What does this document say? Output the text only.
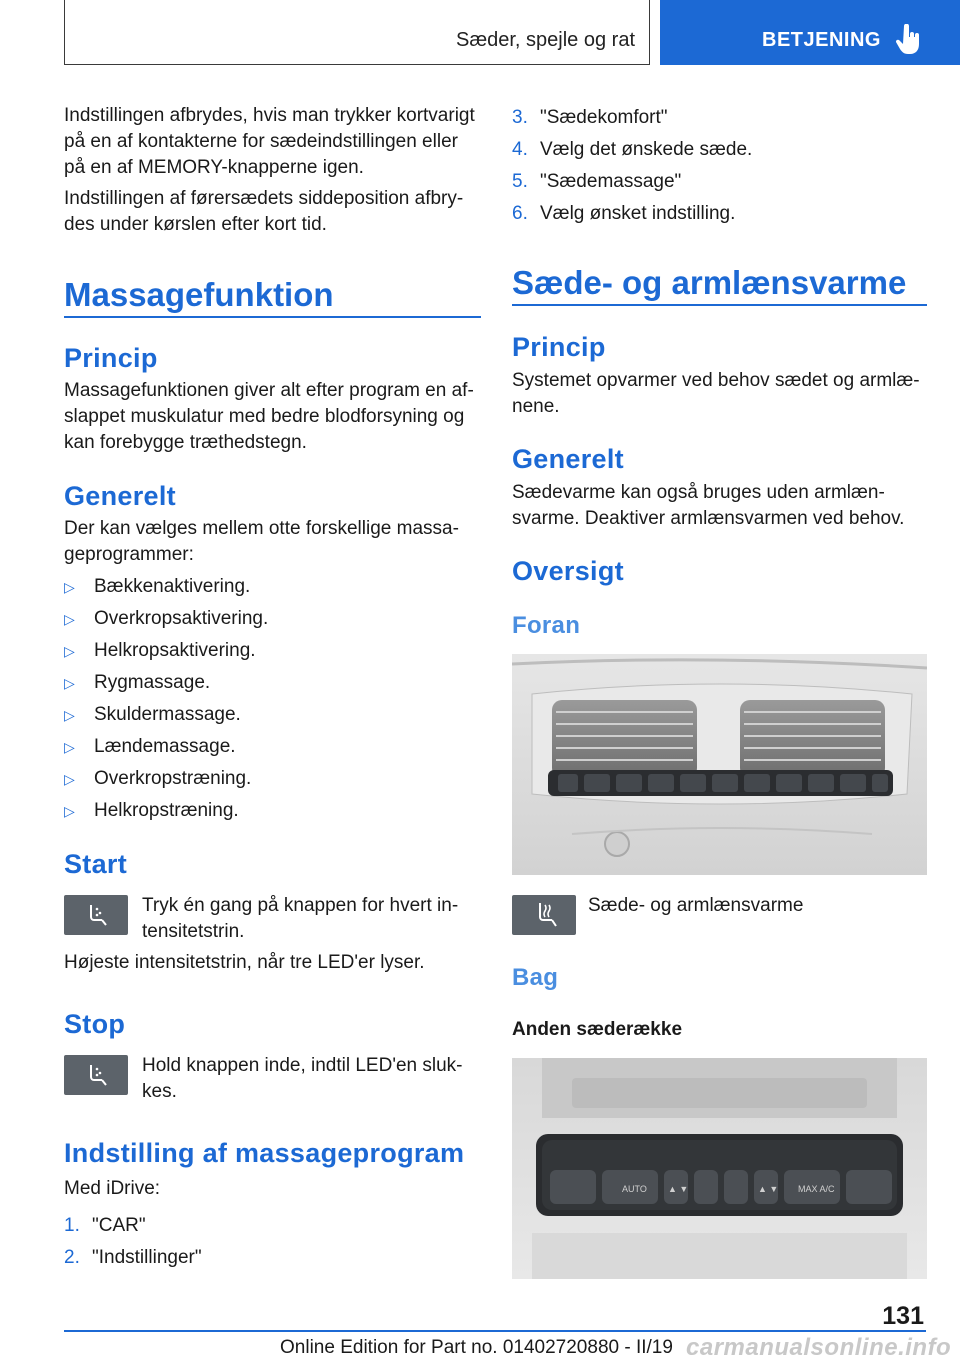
Sæder, spejle og rat	BETJENING
Indstillingen afbrydes, hvis man trykker kortvarigt
på en af kontakterne for sædeindstillingen eller
på en af MEMORY-knapperne igen.
Indstillingen af førersædets siddeposition afbry-
des under kørslen efter kort tid.
Massagefunktion
Princip
Massagefunktionen giver alt efter program en af-
slappet muskulatur med bedre blodforsyning og
kan forebygge træthedstegn.
Generelt
Der kan vælges mellem otte forskellige massa-
geprogrammer:
▷ Bækkenaktivering.
▷ Overkropsaktivering.
▷ Helkropsaktivering.
▷ Rygmassage.
▷ Skuldermassage.
▷ Lændemassage.
▷ Overkropstræning.
▷ Helkropstræning.
Start
Tryk én gang på knappen for hvert in-
tensitetstrin.
Højeste intensitetstrin, når tre LED'er lyser.
Stop
Hold knappen inde, indtil LED'en sluk-
kes.
Indstilling af massageprogram
Med iDrive:
1. "CAR"
2. "Indstillinger"
3. "Sædekomfort"
4. Vælg det ønskede sæde.
5. "Sædemassage"
6. Vælg ønsket indstilling.
Sæde- og armlænsvarme
Princip
Systemet opvarmer ved behov sædet og armlæ-
nene.
Generelt
Sædevarme kan også bruges uden armlæn-
svarme. Deaktiver armlænsvarmen ved behov.
Oversigt
Foran
Sæde- og armlænsvarme
Bag
Anden sæderække
AUTO ▲ ▼	▲ ▼ MAX A/C
131
Online Edition for Part no. 01402720880 - II/19 carmanualsonline.info
